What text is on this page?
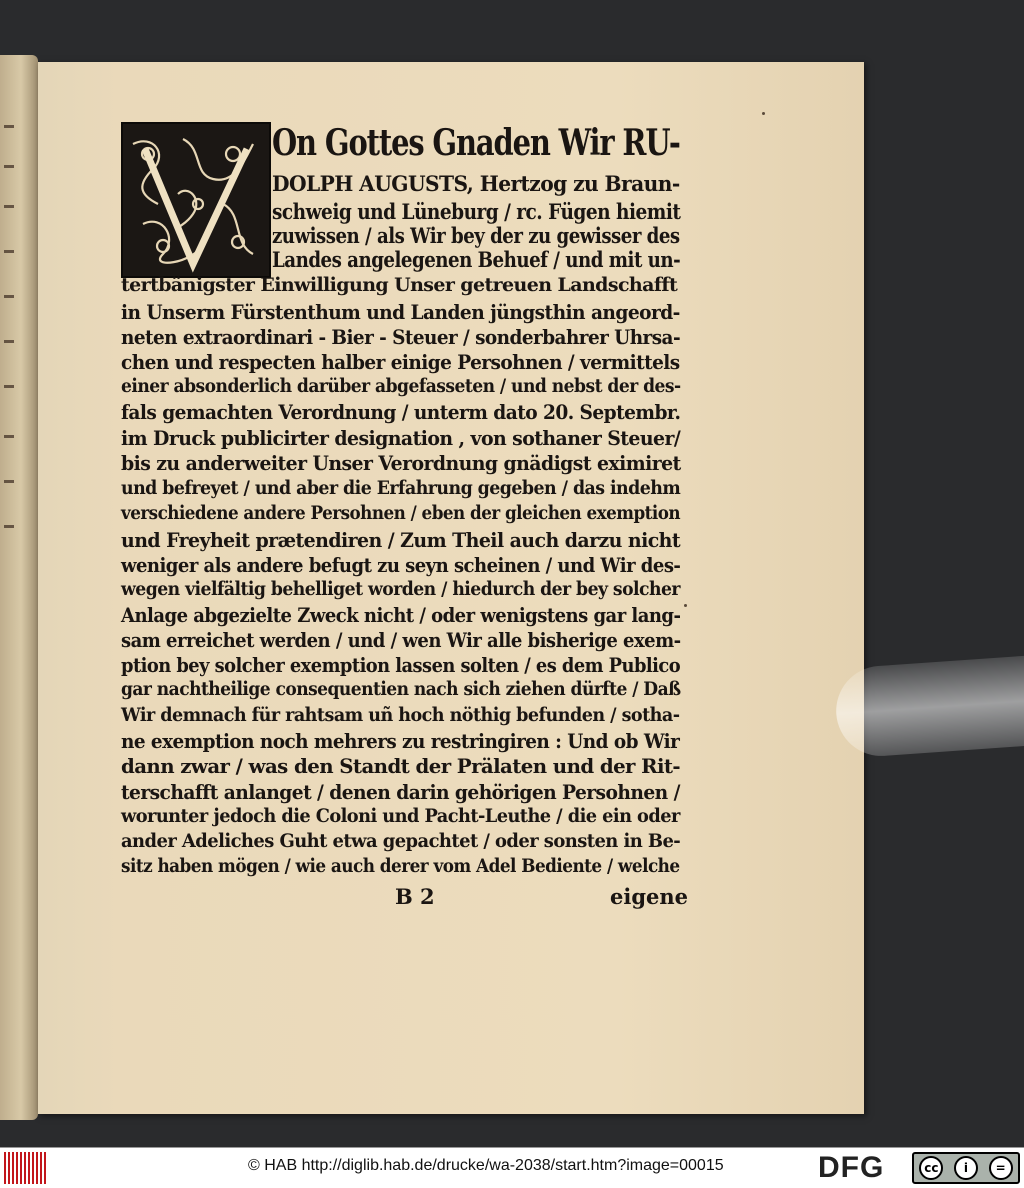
On Gottes Gnaden Wir RU-
DOLPH AUGUSTS, Hertzog zu Braun-
schweig und Lüneburg / rc. Fügen hiemit
zuwissen / als Wir bey der zu gewisser des
Landes angelegenen Behuef / und mit un-
tertbänigster Einwilligung Unser getreuen Landschafft
in Unserm Fürstenthum und Landen jüngsthin angeord-
neten extraordinari - Bier - Steuer / sonderbahrer Uhrsa-
chen und respecten halber einige Persohnen / vermittels
einer absonderlich darüber abgefasseten / und nebst der des-
fals gemachten Verordnung / unterm dato 20. Septembr.
im Druck publicirter designation , von sothaner Steuer/
bis zu anderweiter Unser Verordnung gnädigst eximiret
und befreyet / und aber die Erfahrung gegeben / das indehm
verschiedene andere Persohnen / eben der gleichen exemption
und Freyheit prætendiren / Zum Theil auch darzu nicht
weniger als andere befugt zu seyn scheinen / und Wir des-
wegen vielfältig behelliget worden / hiedurch der bey solcher
Anlage abgezielte Zweck nicht / oder wenigstens gar lang-
sam erreichet werden / und / wen Wir alle bisherige exem-
ption bey solcher exemption lassen solten / es dem Publico
gar nachtheilige consequentien nach sich ziehen dürfte / Daß
Wir demnach für rahtsam uñ hoch nöthig befunden / sotha-
ne exemption noch mehrers zu restringiren : Und ob Wir
dann zwar / was den Standt der Prälaten und der Rit-
terschafft anlanget / denen darin gehörigen Persohnen /
worunter jedoch die Coloni und Pacht-Leuthe / die ein oder
ander Adeliches Guht etwa gepachtet / oder sonsten in Be-
sitz haben mögen / wie auch derer vom Adel Bediente / welche
B 2	eigene
© HAB http://diglib.hab.de/drucke/wa-2038/start.htm?image=00015	DFG	cc	i	=
